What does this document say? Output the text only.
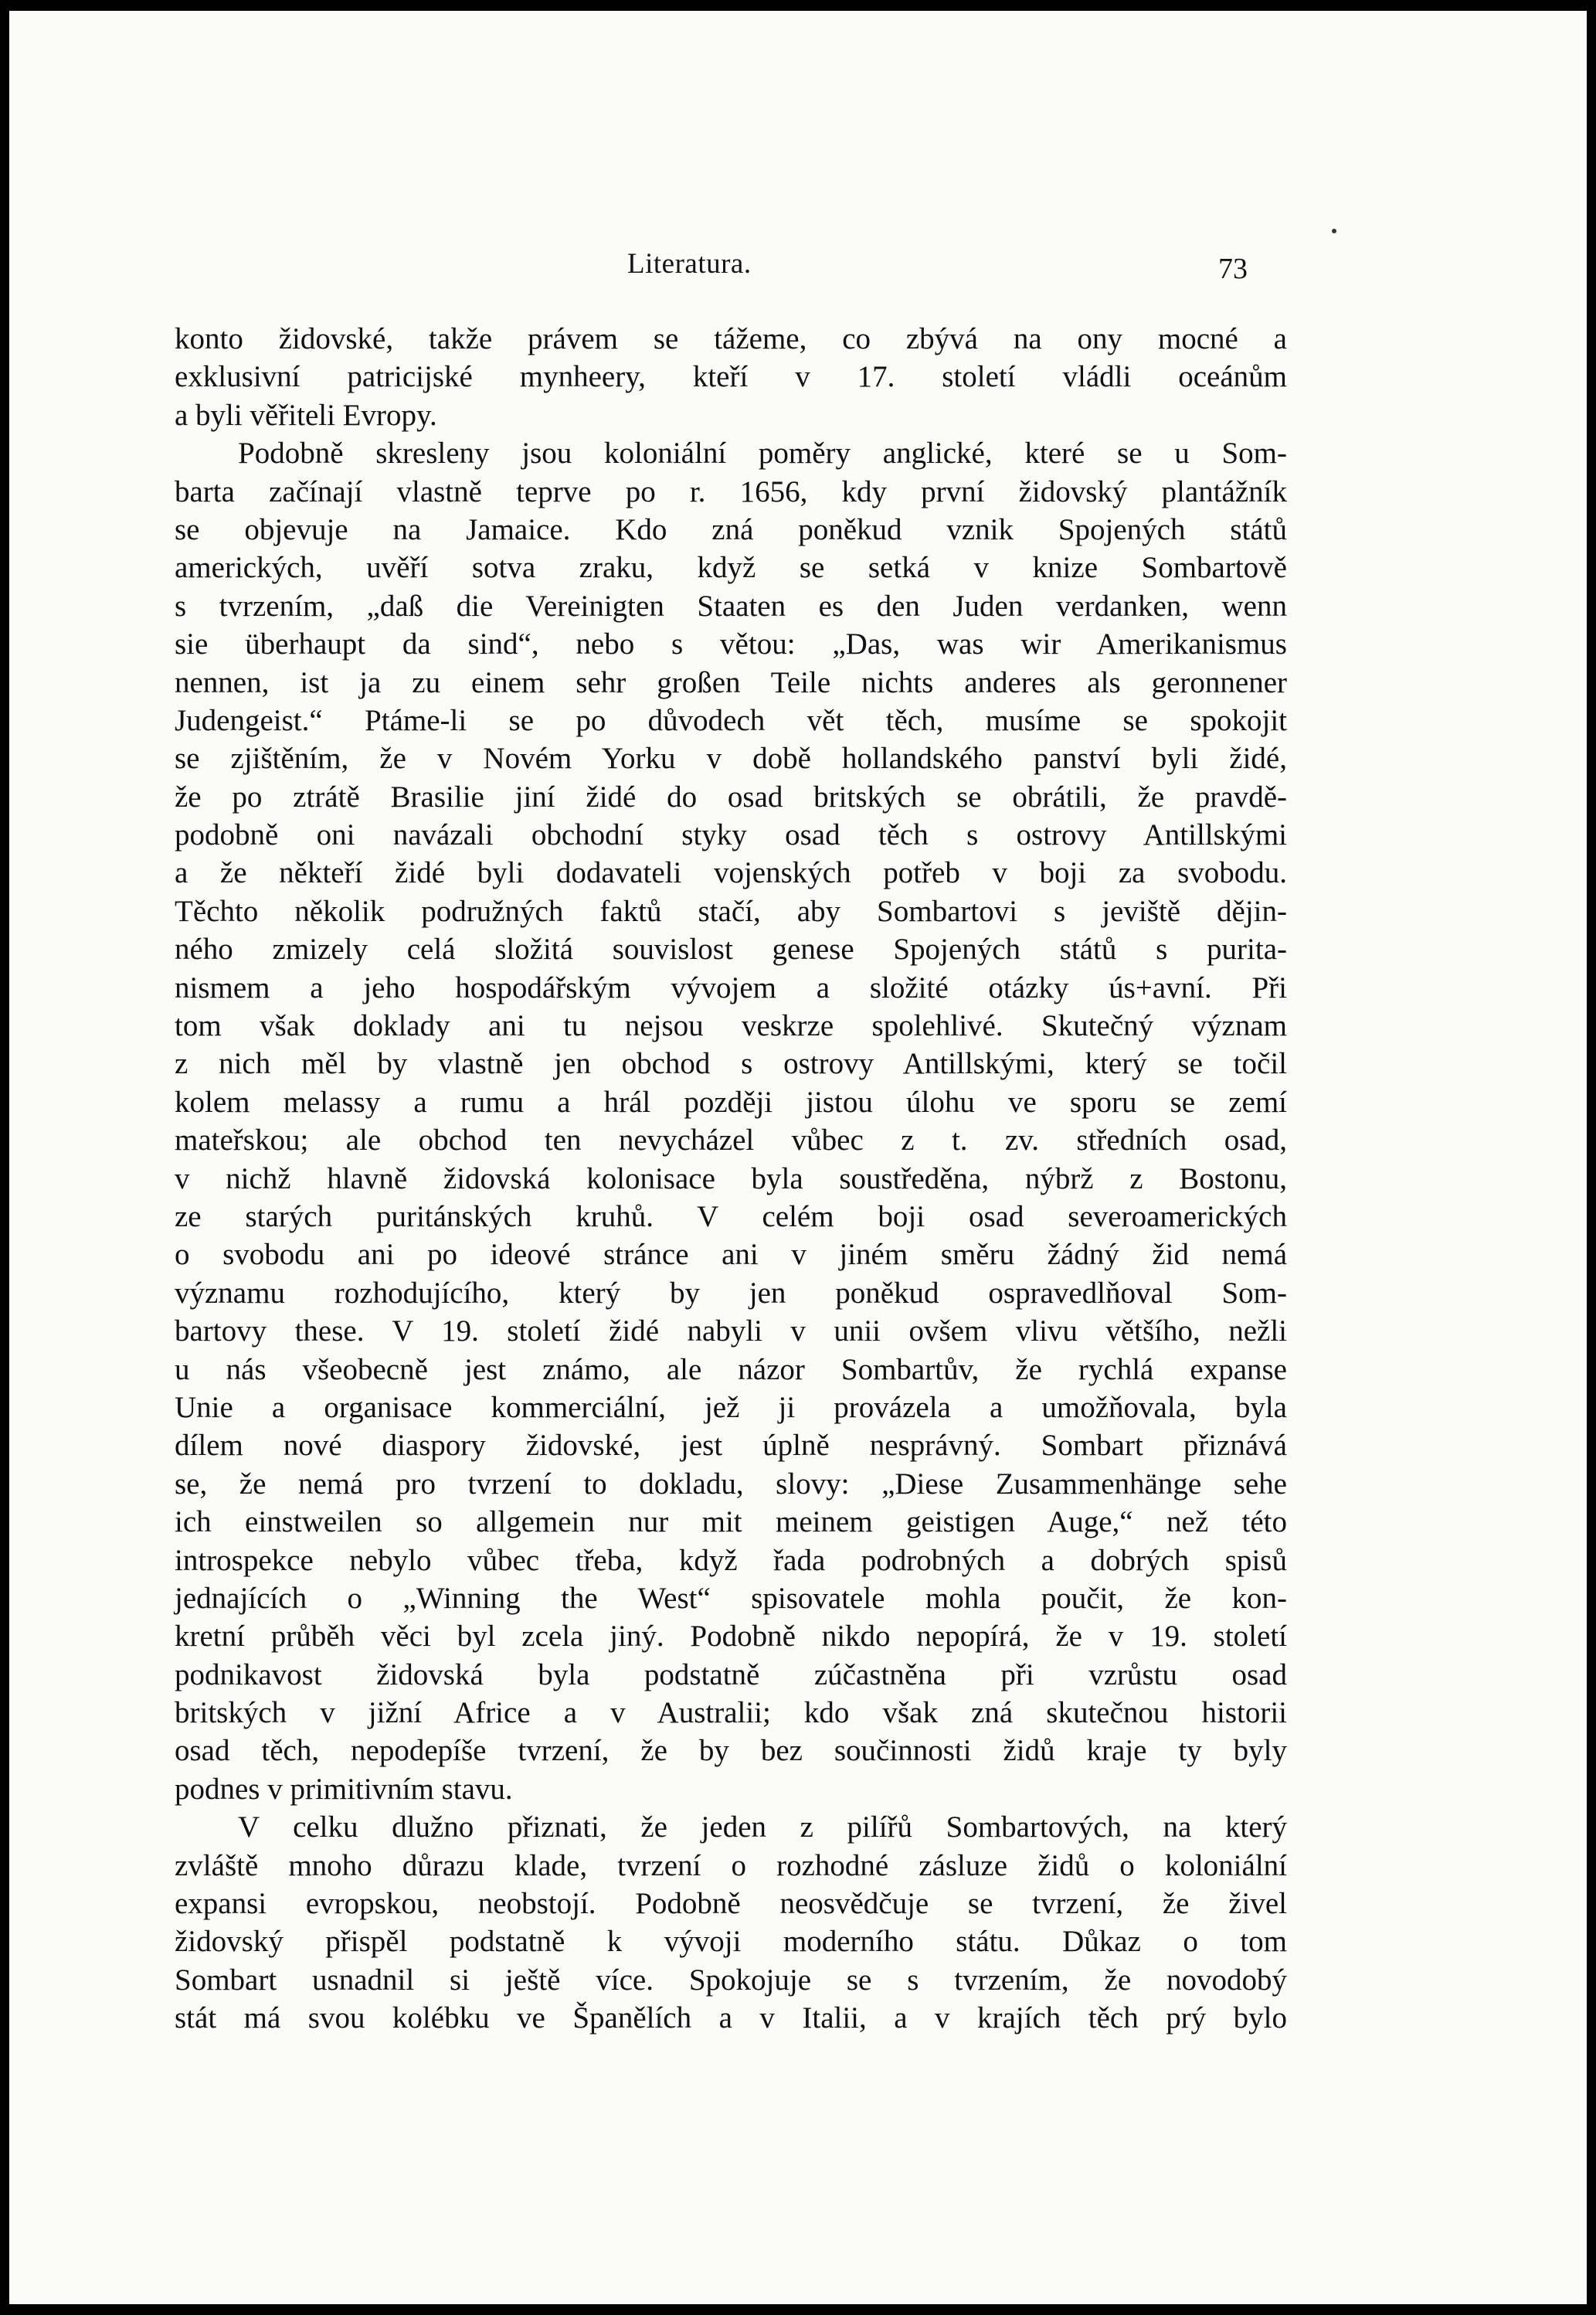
Literatura.	73
konto židovské, takže právem se tážeme, co zbývá na ony mocné a
exklusivní patricijské mynheery, kteří v 17. století vládli oceánům
a byli věřiteli Evropy.
Podobně skresleny jsou koloniální poměry anglické, které se u Som-
barta začínají vlastně teprve po r. 1656, kdy první židovský plantážník
se objevuje na Jamaice. Kdo zná poněkud vznik Spojených států
amerických, uvěří sotva zraku, když se setká v knize Sombartově
s tvrzením, „daß die Vereinigten Staaten es den Juden verdanken, wenn
sie überhaupt da sind“, nebo s větou: „Das, was wir Amerikanismus
nennen, ist ja zu einem sehr großen Teile nichts anderes als geronnener
Judengeist.“ Ptáme-li se po důvodech vět těch, musíme se spokojit
se zjištěním, že v Novém Yorku v době hollandského panství byli židé,
že po ztrátě Brasilie jiní židé do osad britských se obrátili, že pravdě-
podobně oni navázali obchodní styky osad těch s ostrovy Antillskými
a že někteří židé byli dodavateli vojenských potřeb v boji za svobodu.
Těchto několik podružných faktů stačí, aby Sombartovi s jeviště dějin-
ného zmizely celá složitá souvislost genese Spojených států s purita-
nismem a jeho hospodářským vývojem a složité otázky ús+avní. Při
tom však doklady ani tu nejsou veskrze spolehlivé. Skutečný význam
z nich měl by vlastně jen obchod s ostrovy Antillskými, který se točil
kolem melassy a rumu a hrál později jistou úlohu ve sporu se zemí
mateřskou; ale obchod ten nevycházel vůbec z t. zv. středních osad,
v nichž hlavně židovská kolonisace byla soustředěna, nýbrž z Bostonu,
ze starých puritánských kruhů. V celém boji osad severoamerických
o svobodu ani po ideové stránce ani v jiném směru žádný žid nemá
významu rozhodujícího, který by jen poněkud ospravedlňoval Som-
bartovy these. V 19. století židé nabyli v unii ovšem vlivu většího, nežli
u nás všeobecně jest známo, ale názor Sombartův, že rychlá expanse
Unie a organisace kommerciální, jež ji provázela a umožňovala, byla
dílem nové diaspory židovské, jest úplně nesprávný. Sombart přiznává
se, že nemá pro tvrzení to dokladu, slovy: „Diese Zusammenhänge sehe
ich einstweilen so allgemein nur mit meinem geistigen Auge,“ než této
introspekce nebylo vůbec třeba, když řada podrobných a dobrých spisů
jednajících o „Winning the West“ spisovatele mohla poučit, že kon-
kretní průběh věci byl zcela jiný. Podobně nikdo nepopírá, že v 19. století
podnikavost židovská byla podstatně zúčastněna při vzrůstu osad
britských v jižní Africe a v Australii; kdo však zná skutečnou historii
osad těch, nepodepíše tvrzení, že by bez součinnosti židů kraje ty byly
podnes v primitivním stavu.
V celku dlužno přiznati, že jeden z pilířů Sombartových, na který
zvláště mnoho důrazu klade, tvrzení o rozhodné zásluze židů o koloniální
expansi evropskou, neobstojí. Podobně neosvědčuje se tvrzení, že živel
židovský přispěl podstatně k vývoji moderního státu. Důkaz o tom
Sombart usnadnil si ještě více. Spokojuje se s tvrzením, že novodobý
stát má svou kolébku ve Španělích a v Italii, a v krajích těch prý bylo
